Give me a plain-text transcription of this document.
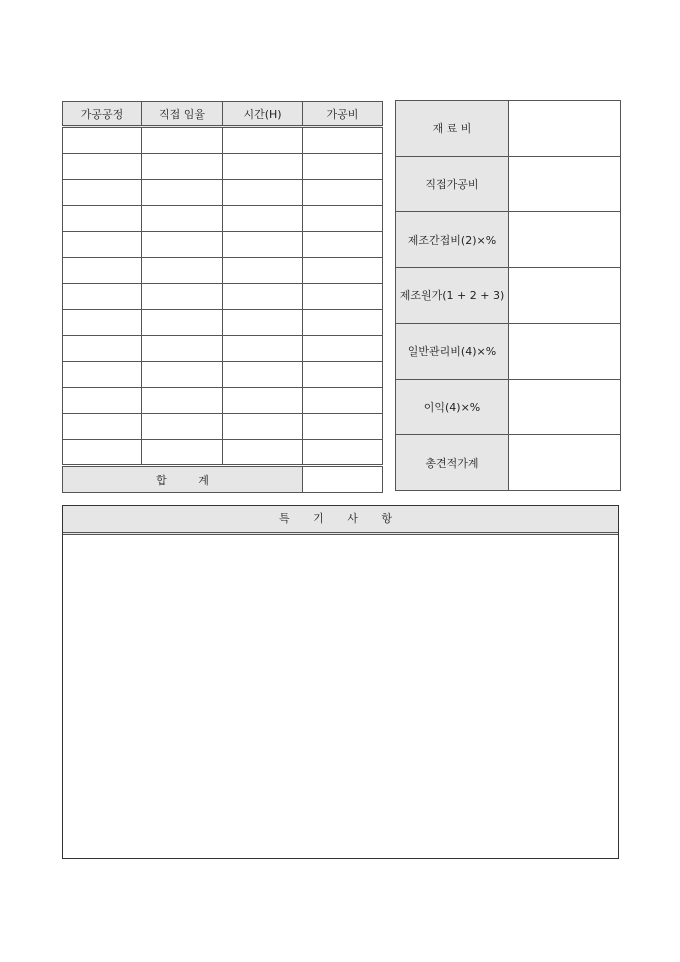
가공공정	직접 임율	시간(H)	가공비

합 계			
재 료 비	
직접가공비	
제조간접비(2)×%	
제조원가(1 + 2 + 3)	
일반관리비(4)×%	
이익(4)×%	
총견적가계	
특 기 사 항
